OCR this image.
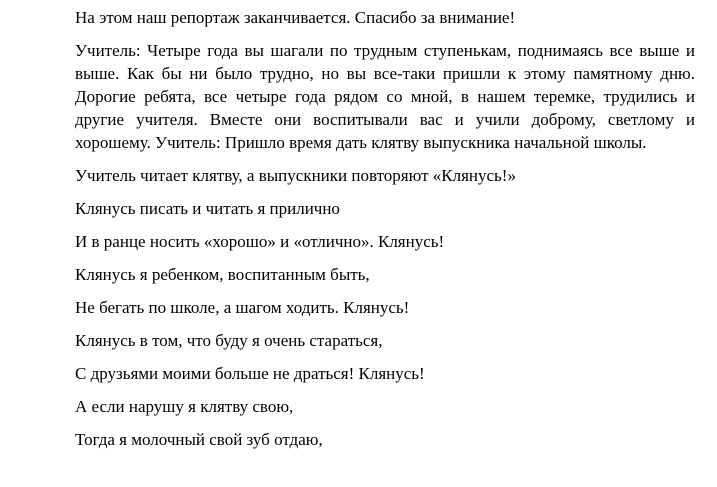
На этом наш репортаж заканчивается. Спасибо за внимание!

Учитель: Четыре года вы шагали по трудным ступенькам, поднимаясь все выше и выше. Как бы ни было трудно, но вы все-таки пришли к этому памятному дню. Дорогие ребята, все четыре года рядом со мной, в нашем теремке, трудились и другие учителя. Вместе они воспитывали вас и учили доброму, светлому и хорошему. Учитель: Пришло время дать клятву выпускника начальной школы.

Учитель читает клятву, а выпускники повторяют «Клянусь!»

Клянусь писать и читать я прилично

И в ранце носить «хорошо» и «отлично». Клянусь!

Клянусь я ребенком, воспитанным быть,

Не бегать по школе, а шагом ходить. Клянусь!

Клянусь в том, что буду я очень стараться,

С друзьями моими больше не драться! Клянусь!

А если нарушу я клятву свою,

Тогда я молочный свой зуб отдаю,
